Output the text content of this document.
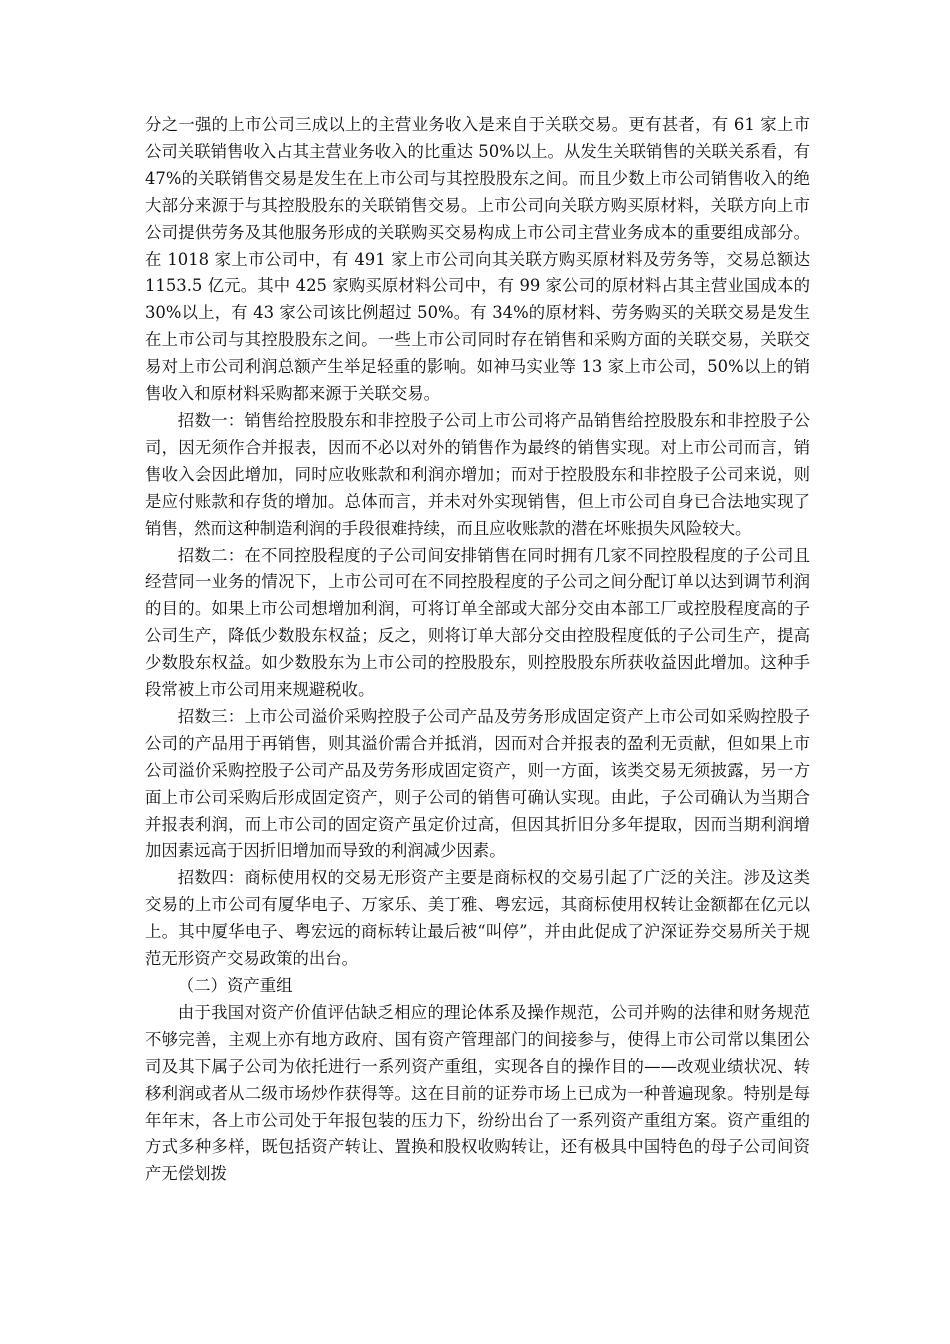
分之一强的上市公司三成以上的主营业务收入是来自于关联交易。更有甚者，有 61 家上市公司关联销售收入占其主营业务收入的比重达 50%以上。从发生关联销售的关联关系看，有 47%的关联销售交易是发生在上市公司与其控股股东之间。而且少数上市公司销售收入的绝大部分来源于与其控股股东的关联销售交易。上市公司向关联方购买原材料，关联方向上市公司提供劳务及其他服务形成的关联购买交易构成上市公司主营业务成本的重要组成部分。在 1018 家上市公司中，有 491 家上市公司向其关联方购买原材料及劳务等，交易总额达 1153.5 亿元。其中 425 家购买原材料公司中，有 99 家公司的原材料占其主营业国成本的 30%以上，有 43 家公司该比例超过 50%。有 34%的原材料、劳务购买的关联交易是发生在上市公司与其控股股东之间。一些上市公司同时存在销售和采购方面的关联交易，关联交易对上市公司利润总额产生举足轻重的影响。如神马实业等 13 家上市公司，50%以上的销售收入和原材料采购都来源于关联交易。

招数一：销售给控股股东和非控股子公司上市公司将产品销售给控股股东和非控股子公司，因无须作合并报表，因而不必以对外的销售作为最终的销售实现。对上市公司而言，销售收入会因此增加，同时应收账款和利润亦增加；而对于控股股东和非控股子公司来说，则是应付账款和存货的增加。总体而言，并未对外实现销售，但上市公司自身已合法地实现了销售，然而这种制造利润的手段很难持续，而且应收账款的潜在坏账损失风险较大。

招数二：在不同控股程度的子公司间安排销售在同时拥有几家不同控股程度的子公司且经营同一业务的情况下，上市公司可在不同控股程度的子公司之间分配订单以达到调节利润的目的。如果上市公司想增加利润，可将订单全部或大部分交由本部工厂或控股程度高的子公司生产，降低少数股东权益；反之，则将订单大部分交由控股程度低的子公司生产，提高少数股东权益。如少数股东为上市公司的控股股东，则控股股东所获收益因此增加。这种手段常被上市公司用来规避税收。

招数三：上市公司溢价采购控股子公司产品及劳务形成固定资产上市公司如采购控股子公司的产品用于再销售，则其溢价需合并抵消，因而对合并报表的盈利无贡献，但如果上市公司溢价采购控股子公司产品及劳务形成固定资产，则一方面，该类交易无须披露，另一方面上市公司采购后形成固定资产，则子公司的销售可确认实现。由此，子公司确认为当期合并报表利润，而上市公司的固定资产虽定价过高，但因其折旧分多年提取，因而当期利润增加因素远高于因折旧增加而导致的利润减少因素。

招数四：商标使用权的交易无形资产主要是商标权的交易引起了广泛的关注。涉及这类交易的上市公司有厦华电子、万家乐、美丁雅、粤宏远，其商标使用权转让金额都在亿元以上。其中厦华电子、粤宏远的商标转让最后被“叫停”，并由此促成了沪深证券交易所关于规范无形资产交易政策的出台。

（二）资产重组

由于我国对资产价值评估缺乏相应的理论体系及操作规范，公司并购的法律和财务规范不够完善，主观上亦有地方政府、国有资产管理部门的间接参与，使得上市公司常以集团公司及其下属子公司为依托进行一系列资产重组，实现各自的操作目的——改观业绩状况、转移利润或者从二级市场炒作获得等。这在目前的证券市场上已成为一种普遍现象。特别是每年年末，各上市公司处于年报包装的压力下，纷纷出台了一系列资产重组方案。资产重组的方式多种多样，既包括资产转让、置换和股权收购转让，还有极具中国特色的母子公司间资产无偿划拨
